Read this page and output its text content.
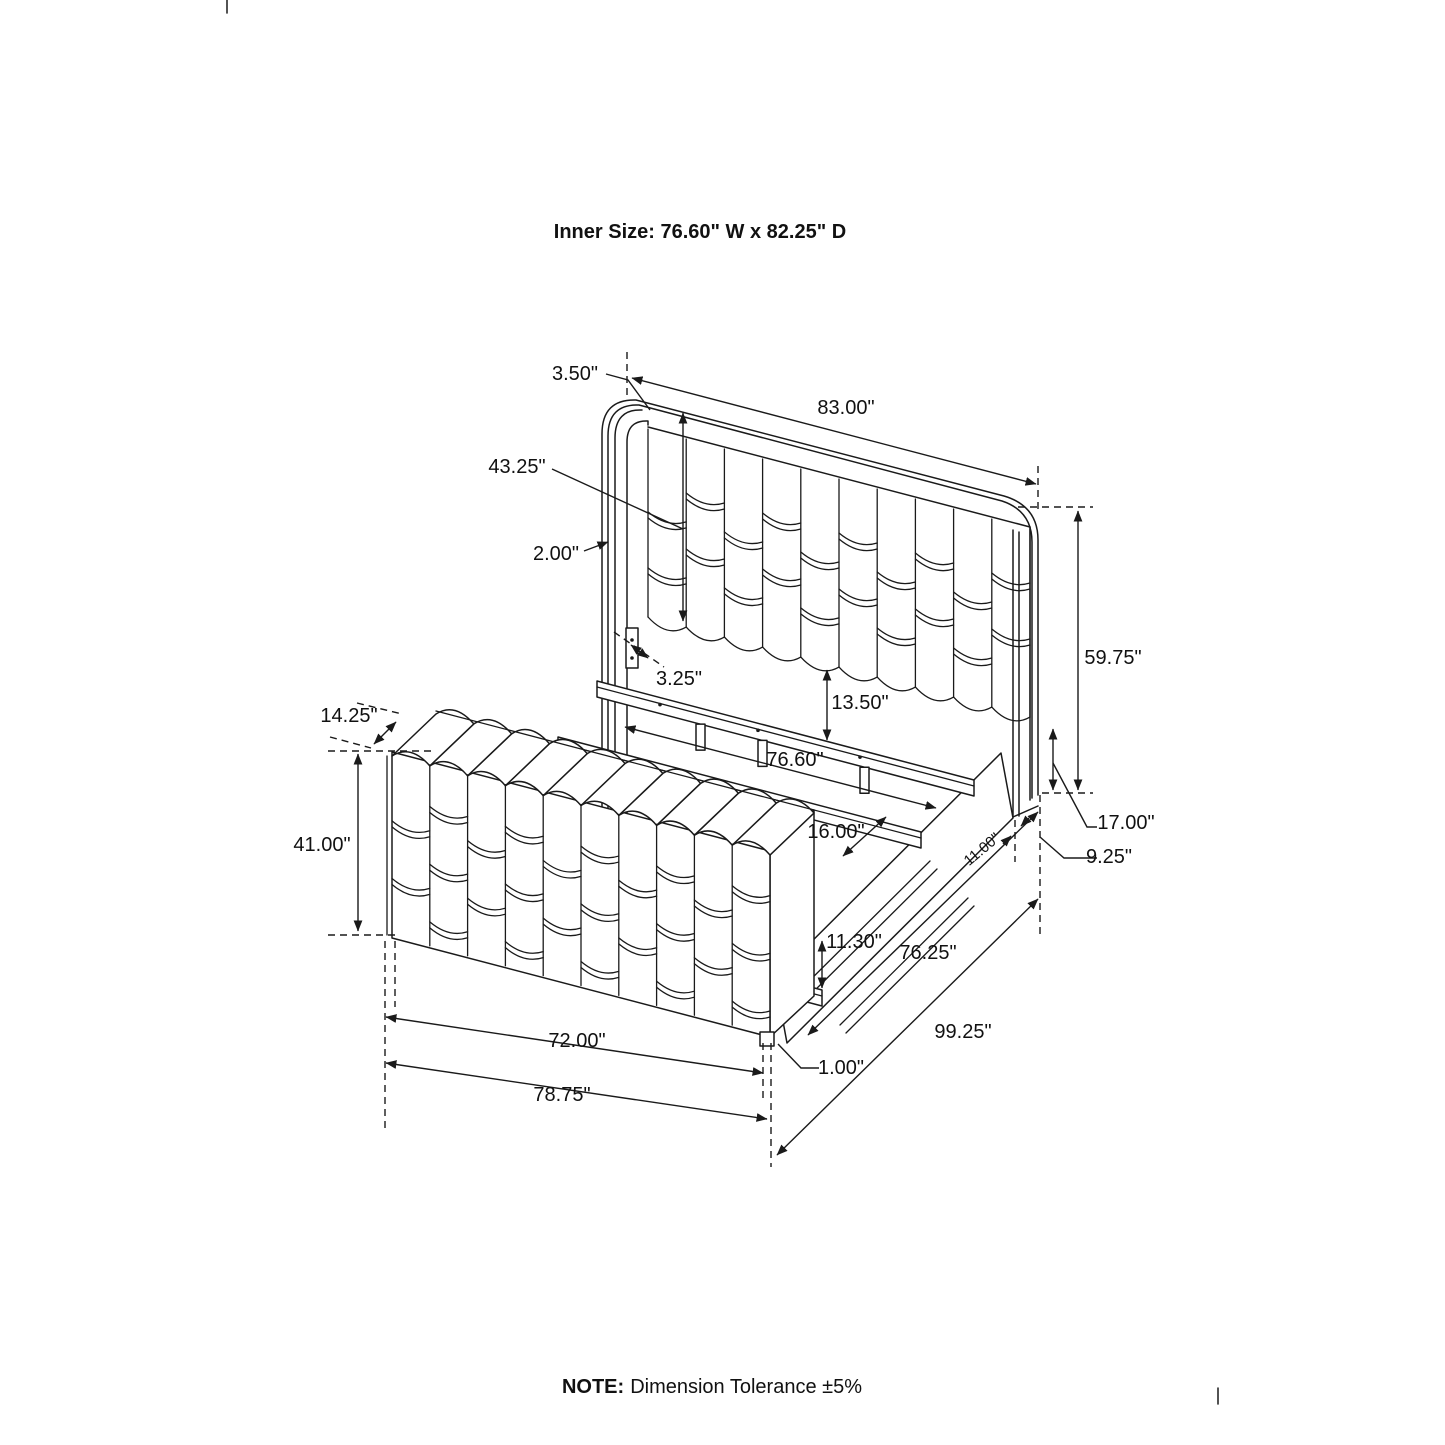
Inner Size: 76.60" W x 82.25" D
3.50"
83.00"
43.25"
2.00"
59.75"
17.00"
9.25"
11.00"
3.25"
13.50"
76.60"
16.00"
14.25"
41.00"
11.30" 76.25"
72.00"
78.75"
1.00"
99.25"
NOTE: Dimension Tolerance ±5%
